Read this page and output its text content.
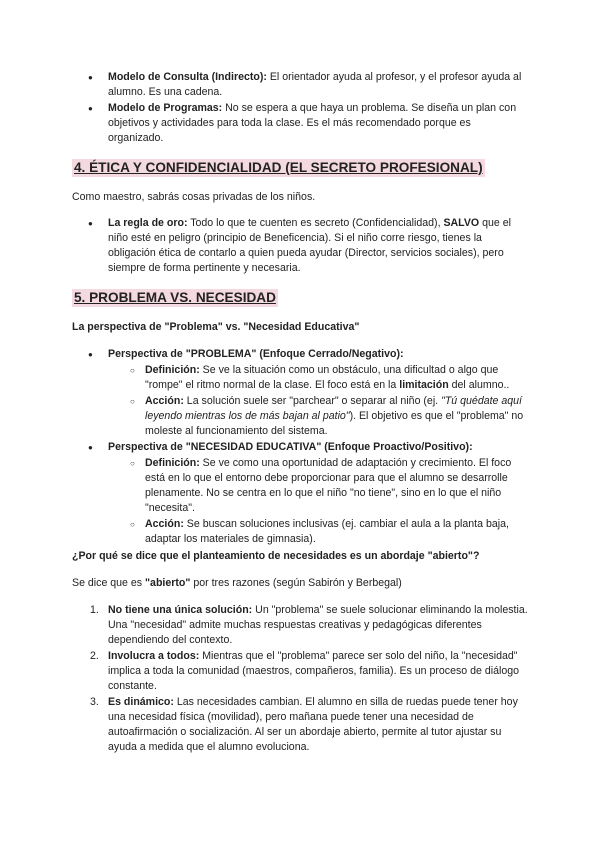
● Modelo de Consulta (Indirecto): El orientador ayuda al profesor, y el profesor ayuda al alumno. Es una cadena.

● Modelo de Programas: No se espera a que haya un problema. Se diseña un plan con objetivos y actividades para toda la clase. Es el más recomendado porque es organizado.

4. ÉTICA Y CONFIDENCIALIDAD (EL SECRETO PROFESIONAL)

Como maestro, sabrás cosas privadas de los niños.

● La regla de oro: Todo lo que te cuenten es secreto (Confidencialidad), SALVO que el niño esté en peligro (principio de Beneficencia). Si el niño corre riesgo, tienes la obligación ética de contarlo a quien pueda ayudar (Director, servicios sociales), pero siempre de forma pertinente y necesaria.

5. PROBLEMA VS. NECESIDAD

La perspectiva de "Problema" vs. "Necesidad Educativa"

● Perspectiva de "PROBLEMA" (Enfoque Cerrado/Negativo):

○ Definición: Se ve la situación como un obstáculo, una dificultad o algo que "rompe" el ritmo normal de la clase. El foco está en la limitación del alumno..

○ Acción: La solución suele ser "parchear" o separar al niño (ej. "Tú quédate aquí leyendo mientras los de más bajan al patio"). El objetivo es que el "problema" no moleste al funcionamiento del sistema.

● Perspectiva de "NECESIDAD EDUCATIVA" (Enfoque Proactivo/Positivo):

○ Definición: Se ve como una oportunidad de adaptación y crecimiento. El foco está en lo que el entorno debe proporcionar para que el alumno se desarrolle plenamente. No se centra en lo que el niño "no tiene", sino en lo que el niño "necesita".

○ Acción: Se buscan soluciones inclusivas (ej. cambiar el aula a la planta baja, adaptar los materiales de gimnasia).

¿Por qué se dice que el planteamiento de necesidades es un abordaje "abierto"?

Se dice que es "abierto" por tres razones (según Sabirón y Berbegal)

1. No tiene una única solución: Un "problema" se suele solucionar eliminando la molestia. Una "necesidad" admite muchas respuestas creativas y pedagógicas diferentes dependiendo del contexto.

2. Involucra a todos: Mientras que el "problema" parece ser solo del niño, la "necesidad" implica a toda la comunidad (maestros, compañeros, familia). Es un proceso de diálogo constante.

3. Es dinámico: Las necesidades cambian. El alumno en silla de ruedas puede tener hoy una necesidad física (movilidad), pero mañana puede tener una necesidad de autoafirmación o socialización. Al ser un abordaje abierto, permite al tutor ajustar su ayuda a medida que el alumno evoluciona.
